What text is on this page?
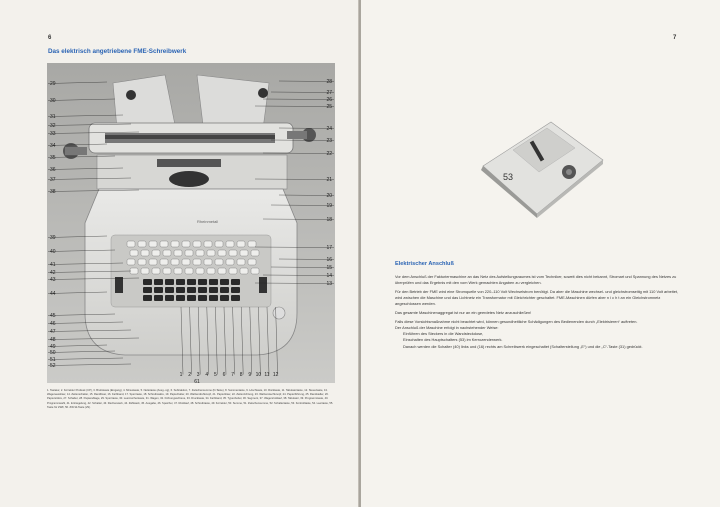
6
Das elektrisch angetriebene FME-Schreibwerk
Rheinmetall
29
30
31
32
33
34
35
36
37
38
39
40
41
42
43
44
45
46
47
48
49
50
51
52
28
27
26
25
24
23
22
21
20
19
18
17
16
15
14
13
1 2 3 4 5 6 7 8 9 10 11 12
61
1. Tastatur, 2. Korrektur Prodesk (CP), 3. Bruttotaste (Eingang), 4. Minustaste, 5. Nettotaste (Ausg.-ng), 6. Subtraktion, 7. Zwischensumme (D-Taste), 8. Summentaste, 9. Löschtaste, 10. Rücktaste, 11. Tabulatortaste, 12. Steuertaste, 13. Wagenauslöser, 14. Zeilenschalter, 15. Randlöser, 16. Farbband, 17. Sperrtaste, 18. Schreibwalze, 19. Papierhalter, 20. Walzendrehknopf, 21. Papierlöser, 22. Zeilenrichtung, 23. Walzenstechknopf, 24. Papierführung, 25. Randsteller, 26. Papierstütze, 27. Schalter, 28. Papierablage, 29. Sperrtaste, 30. Leerzeichentaste, 31. Wagen, 32. Führungsschiene, 33. Drucktaste, 34. Farbband, 35. Typenhebel, 36. Segment, 37. Wagenrücklauf, 38. Tabulator, 39. Programmtaste, 40. Programmwahl, 41. Entriegelung, 42. Schalter, 43. Rechenwerk, 44. Zählwerk, 45. Ausgabe, 46. Speicher, 47. Rücklauf, 48. Schreibtaste, 49. Korrektur, 50. Summe, 51. Zwischensumme, 52. Schaltertaste, 53. Kontrolltaste, 54. Leertaste, 55. Taste für ZWF, 56. ZW-W-Taste (29).
7
53
Elektrischer Anschluß

Vor dem Anschluß der Fakturiermaschine an das Netz des Aufstellungsraumes ist vom Techniker, soweit dies nicht bekannt, Stromart und Spannung des Netzes zu überprüfen und das Ergebnis mit den vom Werk gemachten Angaben zu vergleichen.

Für den Betrieb der FME wird eine Stromquelle von 220–110 Volt Wechselstrom benötigt. Da aber die Maschine wechsel- und gleichstromseitig mit 110 Volt arbeitet, wird zwischen die Maschine und das Lichtnetz ein Transformator mit Gleichrichter geschaltet. FME-Maschinen dürfen aber n i c h t an ein Gleichstromnetz angeschlossen werden.

Das gesamte Maschinenaggregat ist nur an ein geerdetes Netz anzuschließen!

Falls diese Vorsichtsmaßnahme nicht beachtet wird, können gesundheitliche Schädigungen des Bedienenden durch „Elektrisieren“ auftreten.

Der Anschluß der Maschine erfolgt in nachstehender Weise:

Einführen des Steckers in die Wandsteckdose,

Einschalten des Hauptschalters (53) im Kerrozenderwerk.

Danach werden die Schalter (40) links und (16) rechts am Schreibwerk eingeschaltet (Schalterstellung „E“) und die „C“-Taste (31) gedrückt.
